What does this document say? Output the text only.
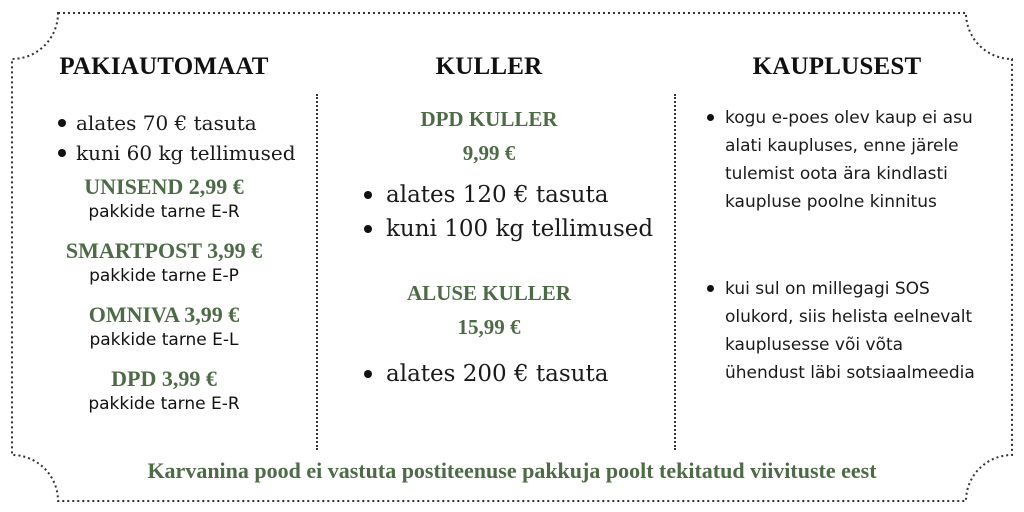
PAKIAUTOMAAT	KULLER	KAUPLUSEST
alates 70 € tasuta
kuni 60 kg tellimused
UNISEND 2,99 €
pakkide tarne E-R
SMARTPOST 3,99 €
pakkide tarne E-P
OMNIVA 3,99 €
pakkide tarne E-L
DPD 3,99 €
pakkide tarne E-R
DPD KULLER
9,99 €
alates 120 € tasuta
kuni 100 kg tellimused
ALUSE KULLER
15,99 €
alates 200 € tasuta
kogu e-poes olev kaup ei asu alati kaupluses, enne järele tulemist oota ära kindlasti kaupluse poolne kinnitus
kui sul on millegagi SOS olukord, siis helista eelnevalt kauplusesse või võta ühendust läbi sotsiaalmeedia
Karvanina pood ei vastuta postiteenuse pakkuja poolt tekitatud viivituste eest
